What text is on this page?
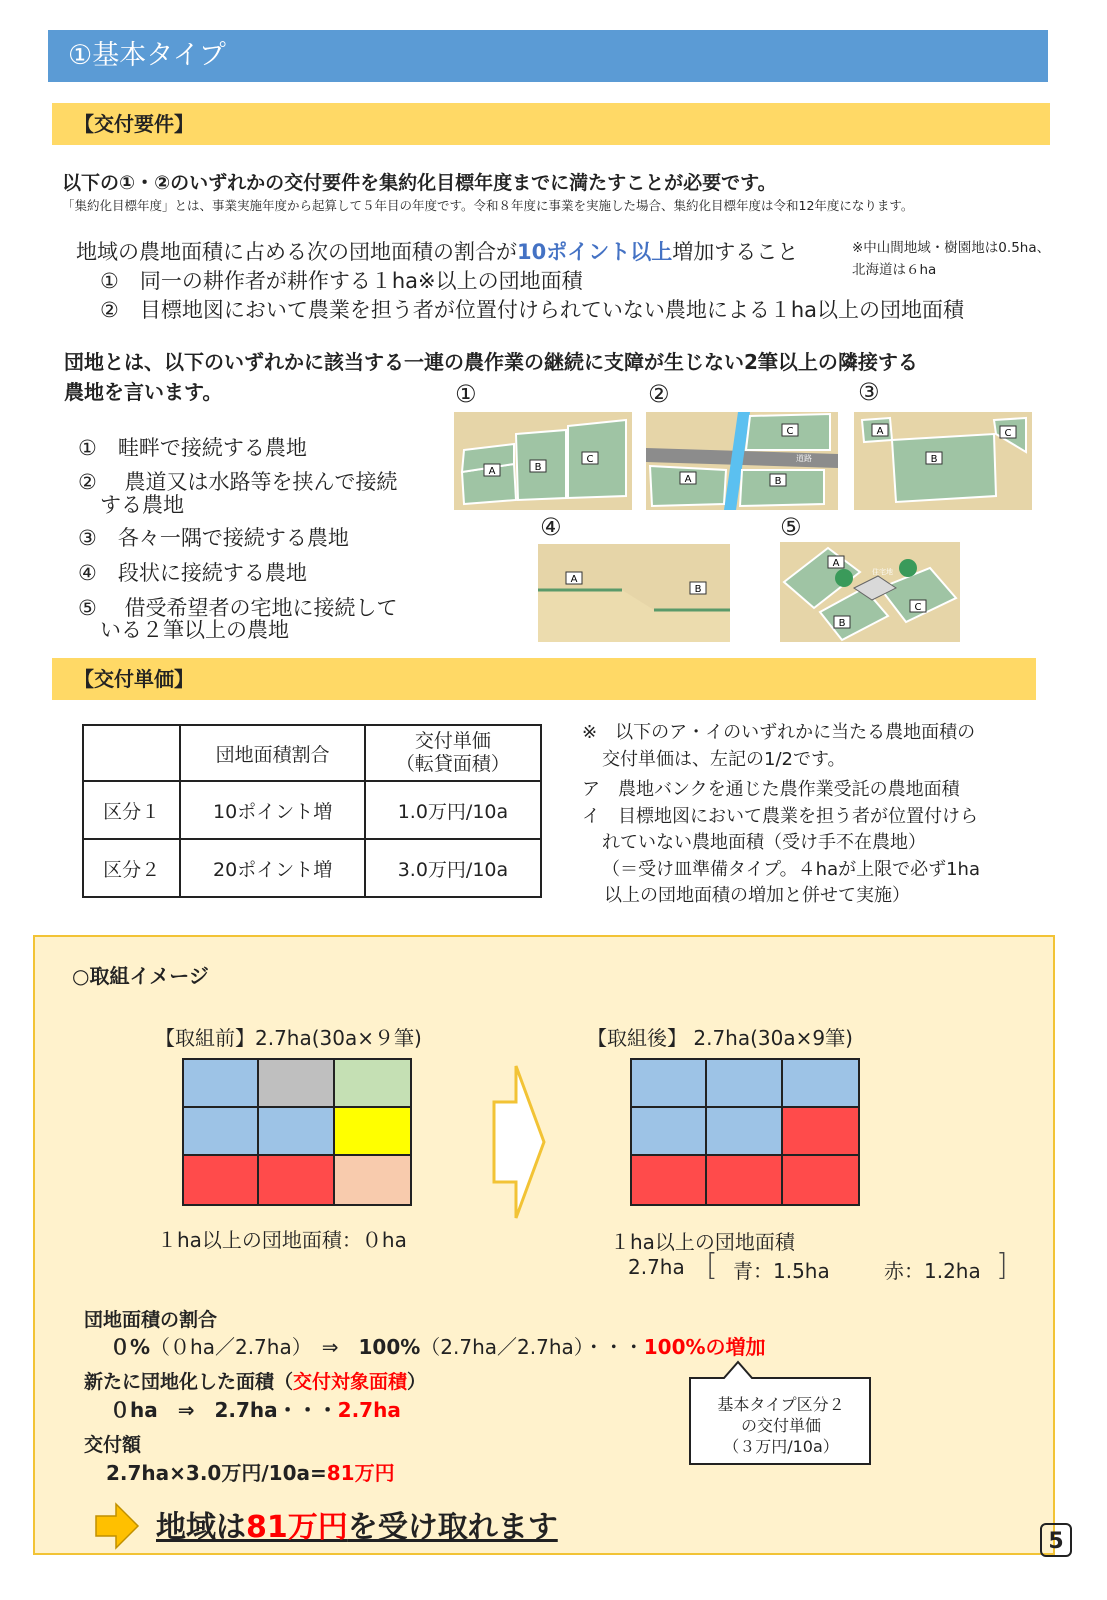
①基本タイプ
【交付要件】
以下の①・②のいずれかの交付要件を集約化目標年度までに満たすことが必要です。
「集約化目標年度」とは、事業実施年度から起算して５年目の年度です。令和８年度に事業を実施した場合、集約化目標年度は令和12年度になります。
地域の農地面積に占める次の団地面積の割合が10ポイント以上増加すること	※中山間地域・樹園地は0.5ha、
北海道は６ha
①　同一の耕作者が耕作する１ha※以上の団地面積
②　目標地図において農業を担う者が位置付けられていない農地による１ha以上の団地面積
団地とは、以下のいずれかに該当する一連の農作業の継続に支障が生じない2筆以上の隣接する
農地を言います。
①　 畦畔で接続する農地
②　 農道又は水路等を挟んで接続
する農地
③　 各々一隅で接続する農地
④　 段状に接続する農地
⑤　 借受希望者の宅地に接続して
いる２筆以上の農地
①	②	③
④	⑤
A	B
C	道路
A	B
C	A
B
C
A
B
住宅地
A
B
C
【交付単価】
	団地面積割合	交付単価
（転貸面積）
区分１	10ポイント増	1.0万円/10a
区分２	20ポイント増	3.0万円/10a
※　以下のア・イのいずれかに当たる農地面積の
交付単価は、左記の1/2です。
ア　農地バンクを通じた農作業受託の農地面積
イ　目標地図において農業を担う者が位置付けら
れていない農地面積（受け手不在農地）
（＝受け皿準備タイプ。４haが上限で必ず1ha
以上の団地面積の増加と併せて実施）
○取組イメージ
【取組前】2.7ha(30a×９筆)	【取組後】 2.7ha(30a×9筆)
１ha以上の団地面積：０ha	１ha以上の団地面積
2.7ha [ 青：1.5ha	赤：1.2ha ]
団地面積の割合
０%（０ha／2.7ha）　 ⇒　 100%（2.7ha／2.7ha）・・・100%の増加
新たに団地化した面積（交付対象面積）
０ha　⇒　2.7ha・・・2.7ha
交付額
2.7ha×3.0万円/10a=81万円
基本タイプ区分２
の交付単価
（３万円/10a）
地域は81万円を受け取れます	5
